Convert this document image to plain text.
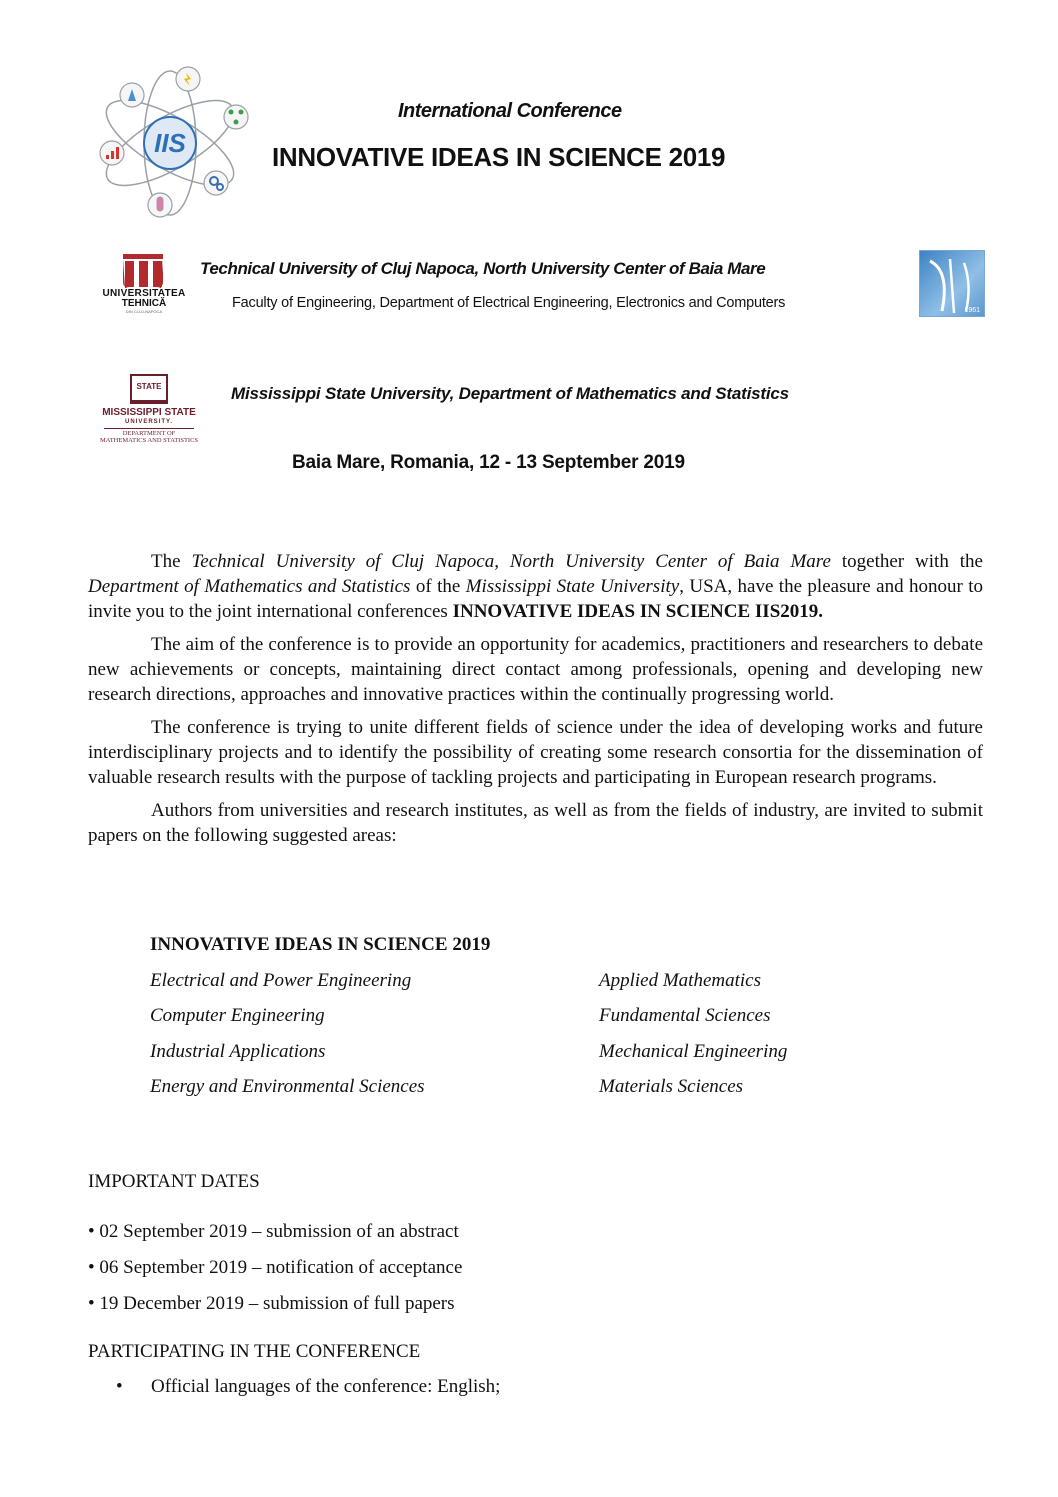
IIS
International Conference
INNOVATIVE IDEAS IN SCIENCE 2019
UNIVERSITATEA
TEHNICĂ
DIN CLUJ-NAPOCA
Technical University of Cluj Napoca, North University Center of Baia Mare
Faculty of Engineering, Department of Electrical Engineering, Electronics and Computers	1961
STATE
MISSISSIPPI STATE
UNIVERSITY.
DEPARTMENT OF
MATHEMATICS AND STATISTICS
Mississippi State University, Department of Mathematics and Statistics
Baia Mare, Romania, 12 - 13 September 2019

The Technical University of Cluj Napoca, North University Center of Baia Mare together with the Department of Mathematics and Statistics of the Mississippi State University, USA, have the pleasure and honour to invite you to the joint international conferences INNOVATIVE IDEAS IN SCIENCE IIS2019.

The aim of the conference is to provide an opportunity for academics, practitioners and researchers to debate new achievements or concepts, maintaining direct contact among professionals, opening and developing new research directions, approaches and innovative practices within the continually progressing world.

The conference is trying to unite different fields of science under the idea of developing works and future interdisciplinary projects and to identify the possibility of creating some research consortia for the dissemination of valuable research results with the purpose of tackling projects and participating in European research programs.

Authors from universities and research institutes, as well as from the fields of industry, are invited to submit papers on the following suggested areas:

INNOVATIVE IDEAS IN SCIENCE 2019
Electrical and Power Engineering
Computer Engineering
Industrial Applications
Energy and Environmental Sciences
Applied Mathematics
Fundamental Sciences
Mechanical Engineering
Materials Sciences
IMPORTANT DATES
• 02 September 2019 – submission of an abstract
• 06 September 2019 – notification of acceptance
• 19 December 2019 – submission of full papers
PARTICIPATING IN THE CONFERENCE
• Official languages of the conference: English;
